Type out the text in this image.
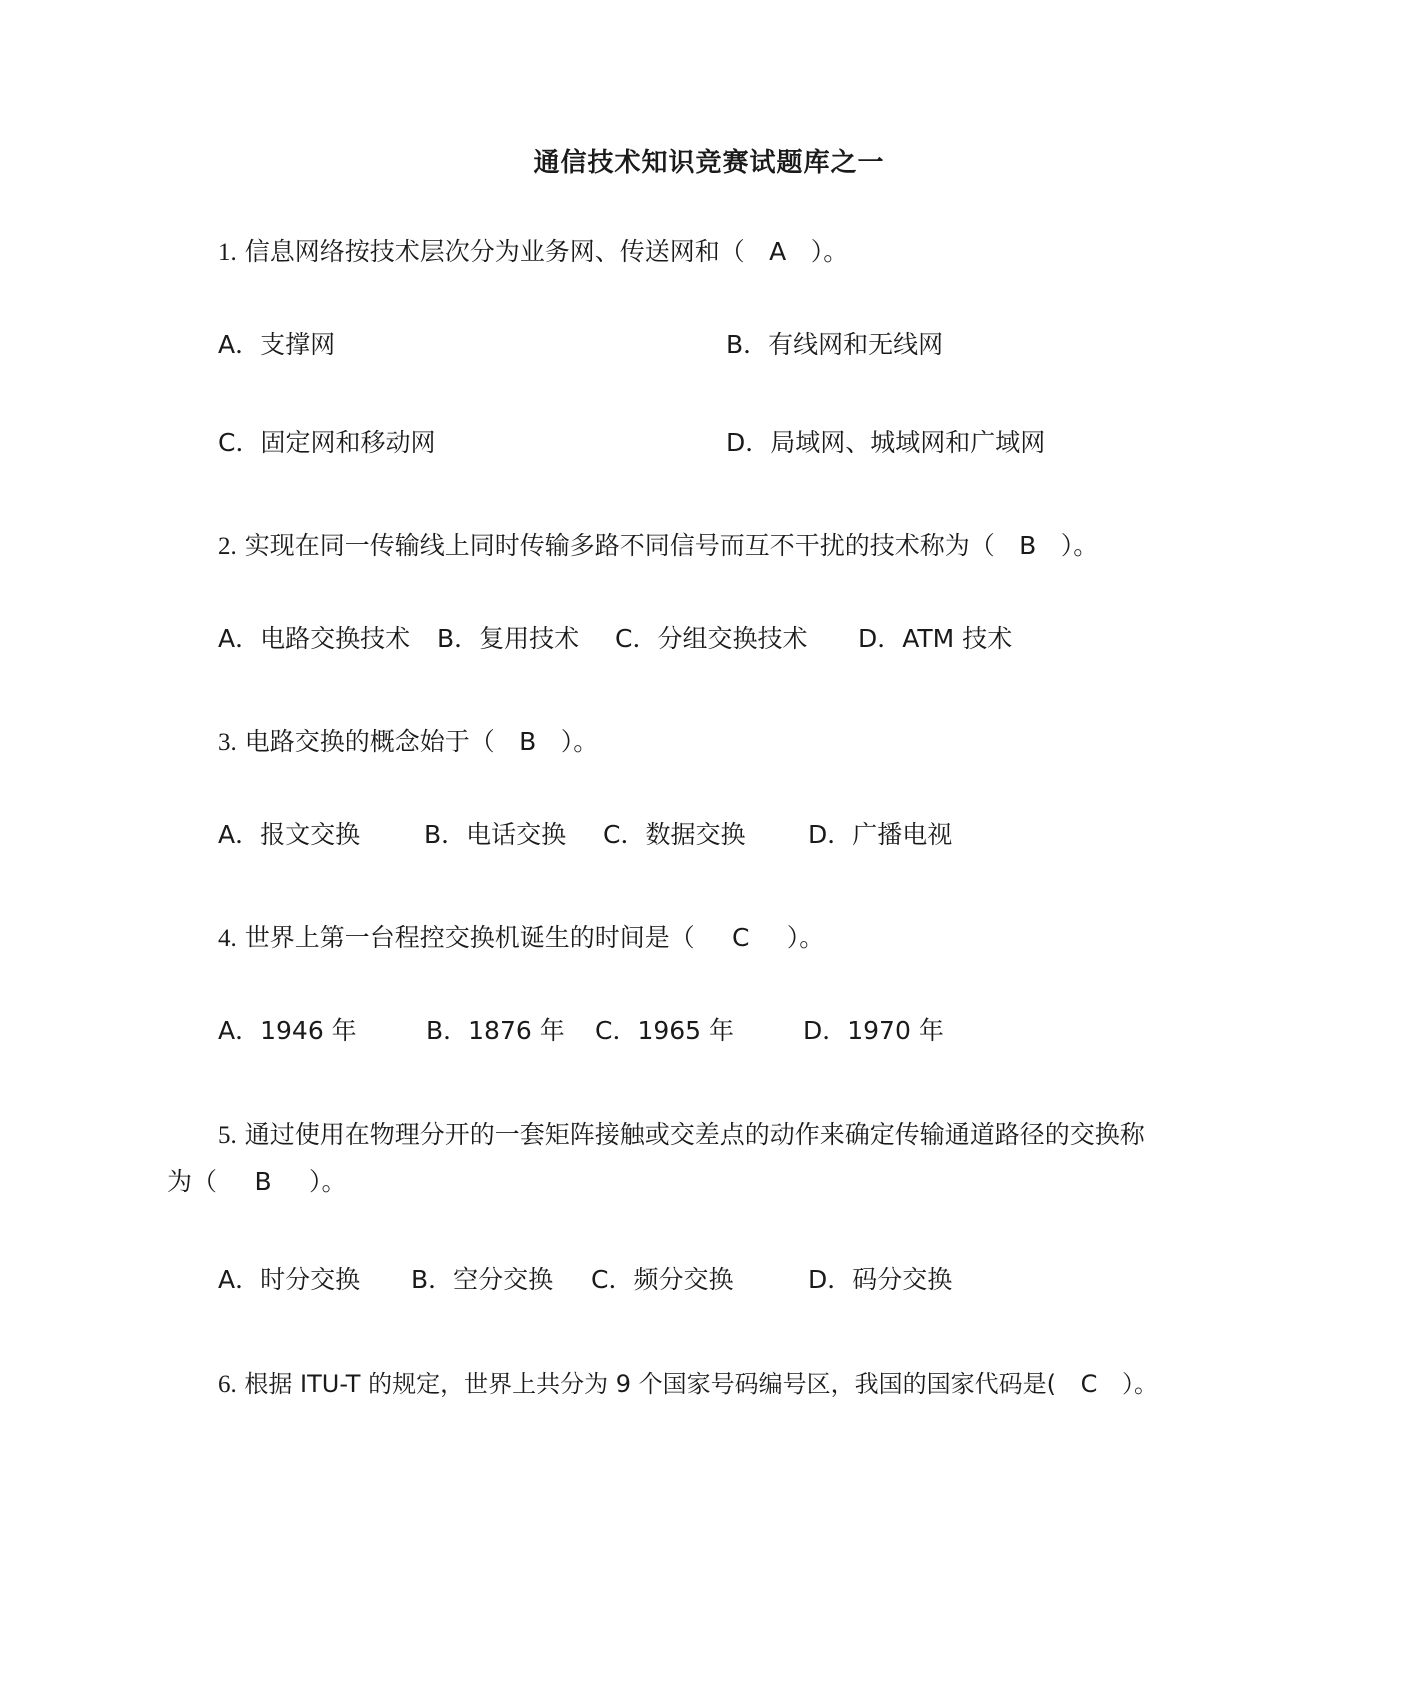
通信技术知识竞赛试题库之一
1. 信息网络按技术层次分为业务网、传送网和（ A ）。
A．支撑网	B．有线网和无线网
C．固定网和移动网	D．局域网、城域网和广域网
2. 实现在同一传输线上同时传输多路不同信号而互不干扰的技术称为（ B ）。
A．电路交换技术 B．复用技术 C．分组交换技术 D．ATM 技术
3. 电路交换的概念始于（ B ）。
A．报文交换	B．电话交换 C．数据交换	D．广播电视
4. 世界上第一台程控交换机诞生的时间是（ C ）。
A．1946 年	B．1876 年 C．1965 年	D．1970 年
5. 通过使用在物理分开的一套矩阵接触或交差点的动作来确定传输通道路径的交换称
为（ B ）。
A．时分交换 B．空分交换 C．频分交换	D．码分交换
6. 根据 ITU-T 的规定，世界上共分为 9 个国家号码编号区，我国的国家代码是( C ）。
